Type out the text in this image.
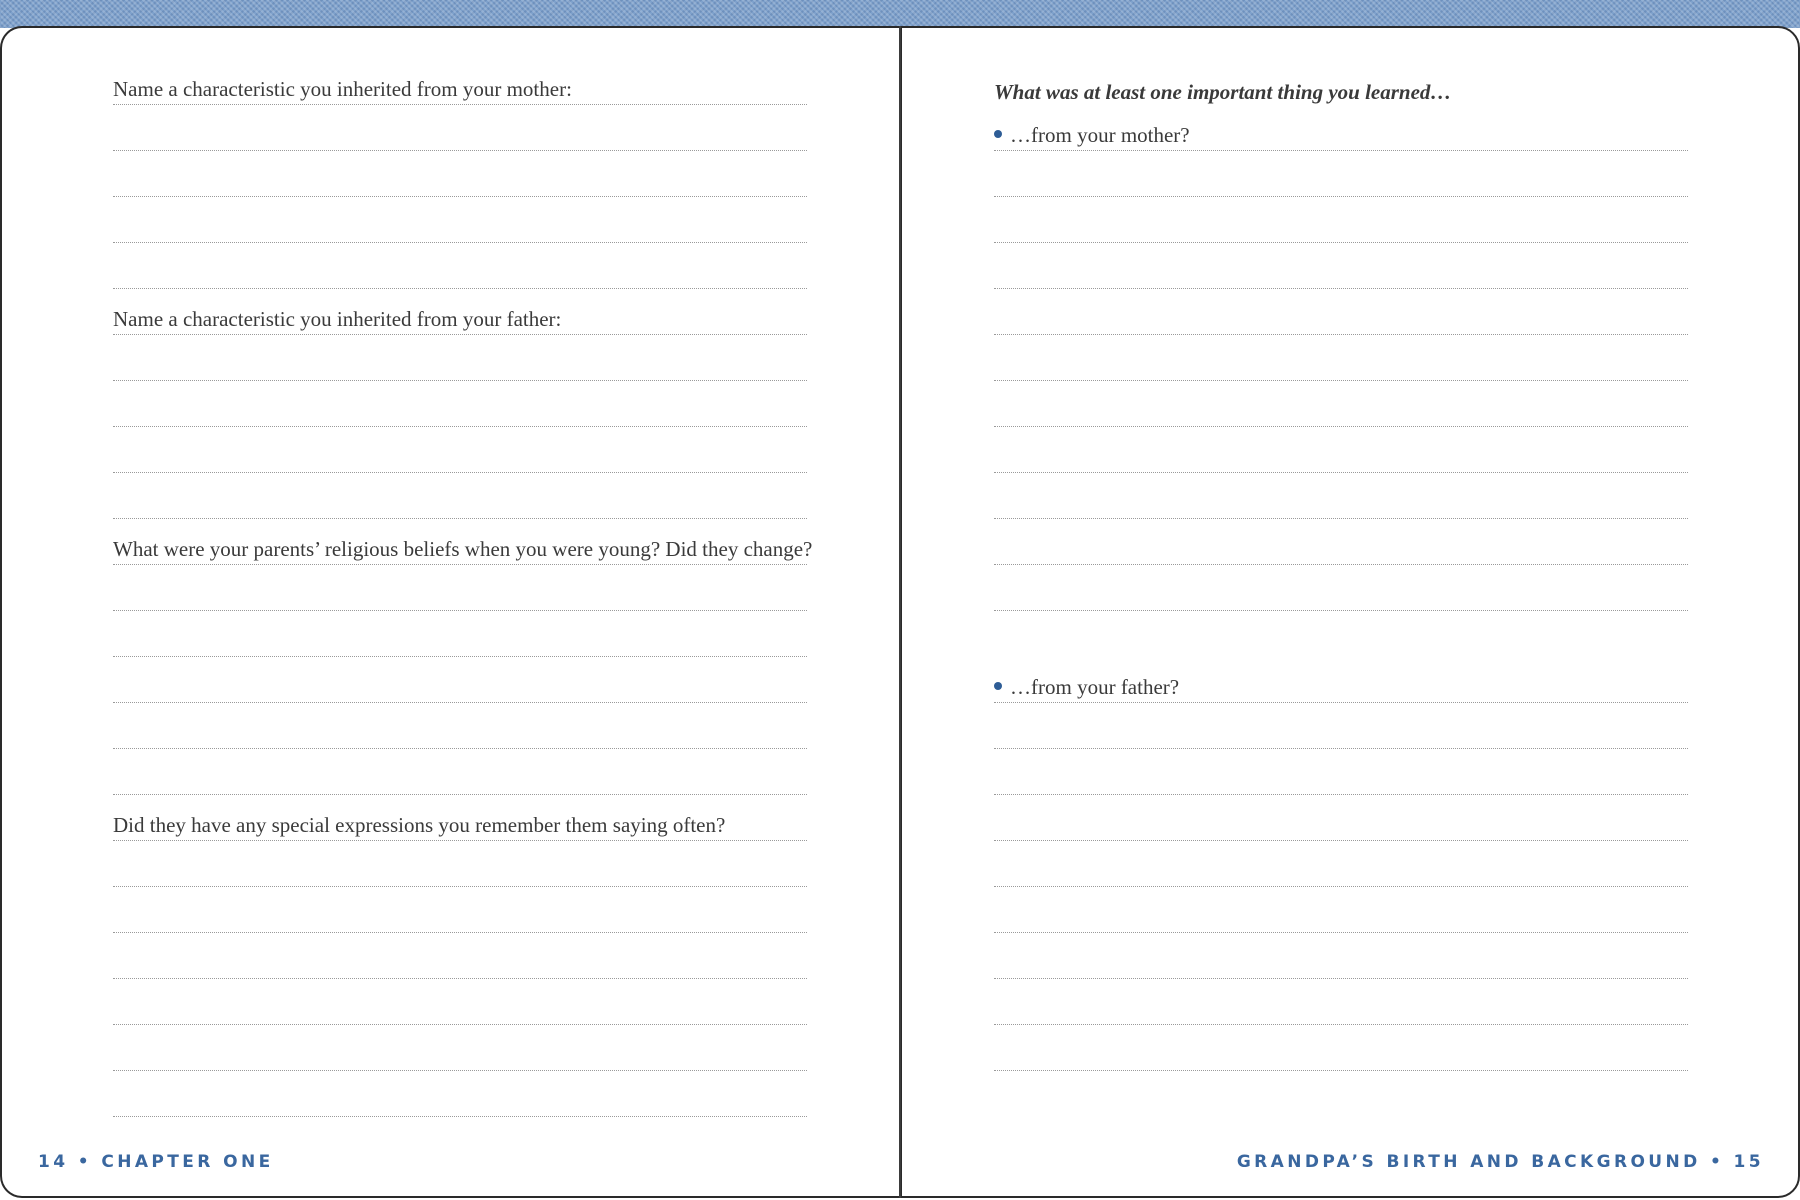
Name a characteristic you inherited from your mother:
Name a characteristic you inherited from your father:
What were your parents’ religious beliefs when you were young? Did they change?
Did they have any special expressions you remember them saying often?
14 • CHAPTER ONE
What was at least one important thing you learned…
…from your mother?
…from your father?
GRANDPA’S BIRTH AND BACKGROUND • 15
